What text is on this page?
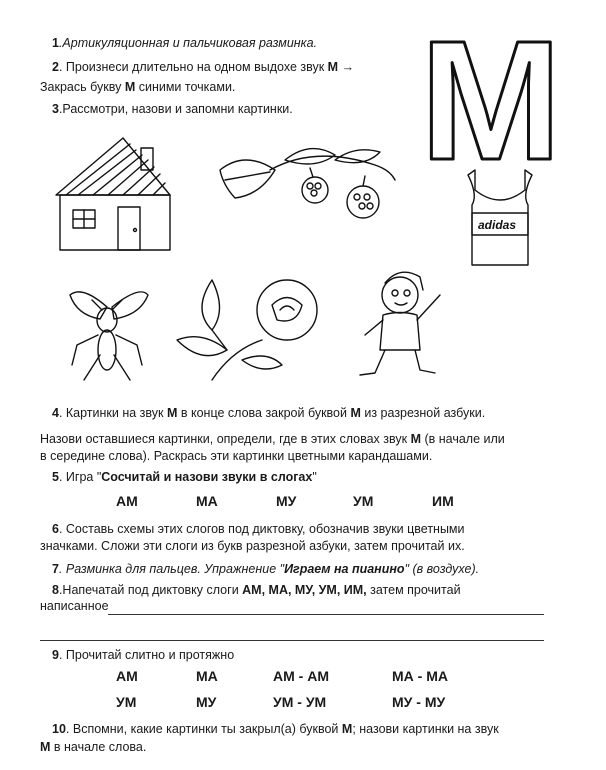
1.Артикуляционная и пальчиковая разминка.
2. Произнеси длительно на одном выдохе звук М →
Закрась букву М синими точками.
3.Рассмотри, назови и запомни картинки. М
adidas
4. Картинки на звук М в конце слова закрой буквой М из разрезной азбуки.
Назови оставшиеся картинки, определи, где в этих словах звук М (в начале или
в середине слова). Раскрась эти картинки цветными карандашами.
5. Игра "Сосчитай и назови звуки в слогах"
АМ	МА	МУ	УМ	ИМ
6. Составь схемы этих слогов под диктовку, обозначив звуки цветными
значками. Сложи эти слоги из букв разрезной азбуки, затем прочитай их.
7. Разминка для пальцев. Упражнение "Играем на пианино" (в воздухе).
8.Напечатай под диктовку слоги АМ, МА, МУ, УМ, ИМ, затем прочитай
написанное
9. Прочитай слитно и протяжно
АМ	МА	АМ - АМ	МА - МА
УМ	МУ	УМ - УМ	МУ - МУ
10. Вспомни, какие картинки ты закрыл(а) буквой М; назови картинки на звук
М в начале слова.
